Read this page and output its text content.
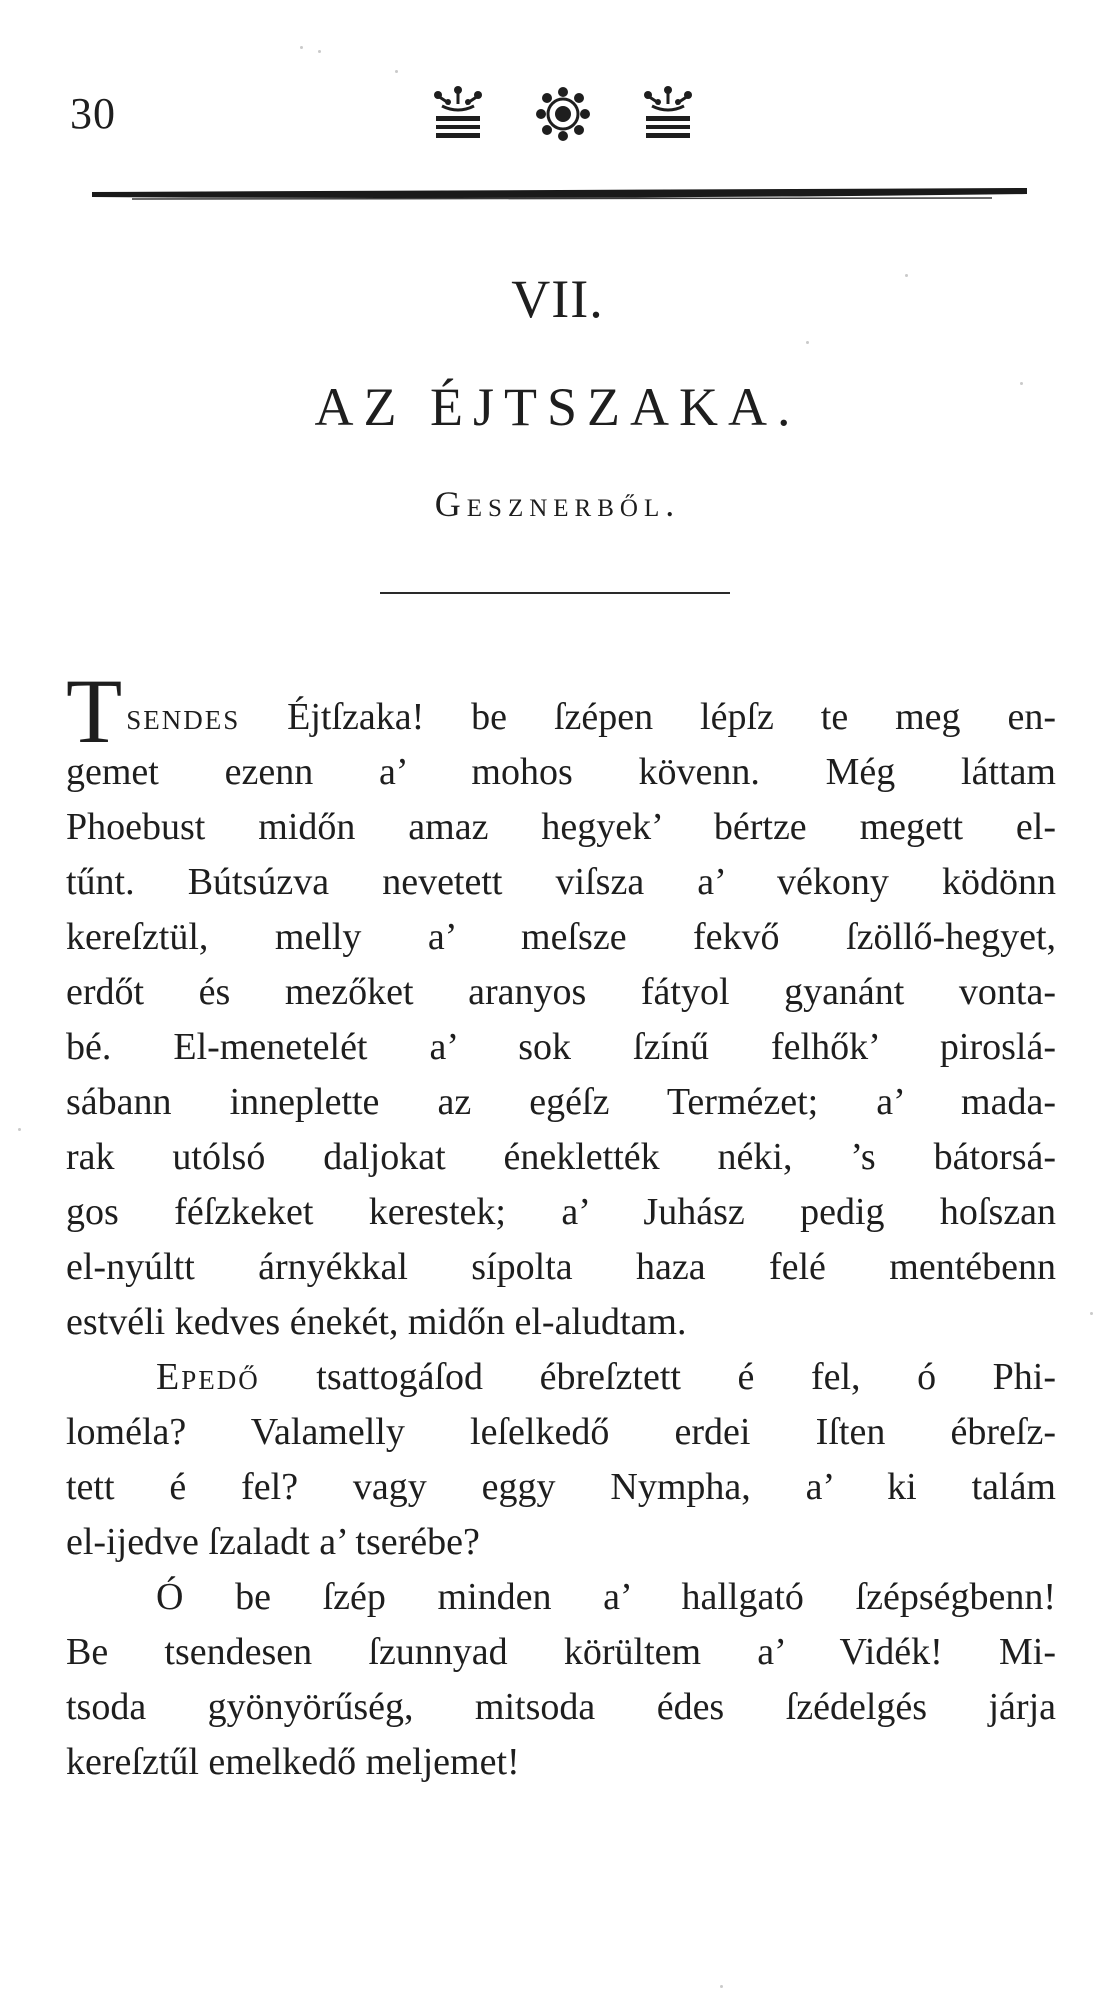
30
VII.
AZ ÉJTSZAKA.
Gesznerből.
Tsendes Éjtſzaka! be ſzépen lépſz te meg en-
gemet ezenn a’ mohos kövenn. Még láttam
Phoebust midőn amaz hegyek’ bértze megett el-
tűnt. Bútsúzva nevetett viſsza a’ vékony ködönn
kereſztül, melly a’ meſsze fekvő ſzöllő-hegyet,
erdőt és mezőket aranyos fátyol gyanánt vonta-
bé. El-menetelét a’ sok ſzínű felhők’ piroslá-
sábann inneplette az egéſz Termézet; a’ mada-
rak utólsó daljokat éneklették néki, ’s bátorsá-
gos féſzkeket kerestek; a’ Juhász pedig hoſszan
el-nyúltt árnyékkal sípolta haza felé mentébenn
estvéli kedves énekét, midőn el-aludtam.
Epedő tsattogáſod ébreſztett é fel, ó Phi-
loméla? Valamelly leſelkedő erdei Iſten ébreſz-
tett é fel? vagy eggy Nympha, a’ ki talám
el-ijedve ſzaladt a’ tserébe?
Ó be ſzép minden a’ hallgató ſzépségbenn!
Be tsendesen ſzunnyad körültem a’ Vidék! Mi-
tsoda gyönyörűség, mitsoda édes ſzédelgés járja
kereſztűl emelkedő meljemet!
